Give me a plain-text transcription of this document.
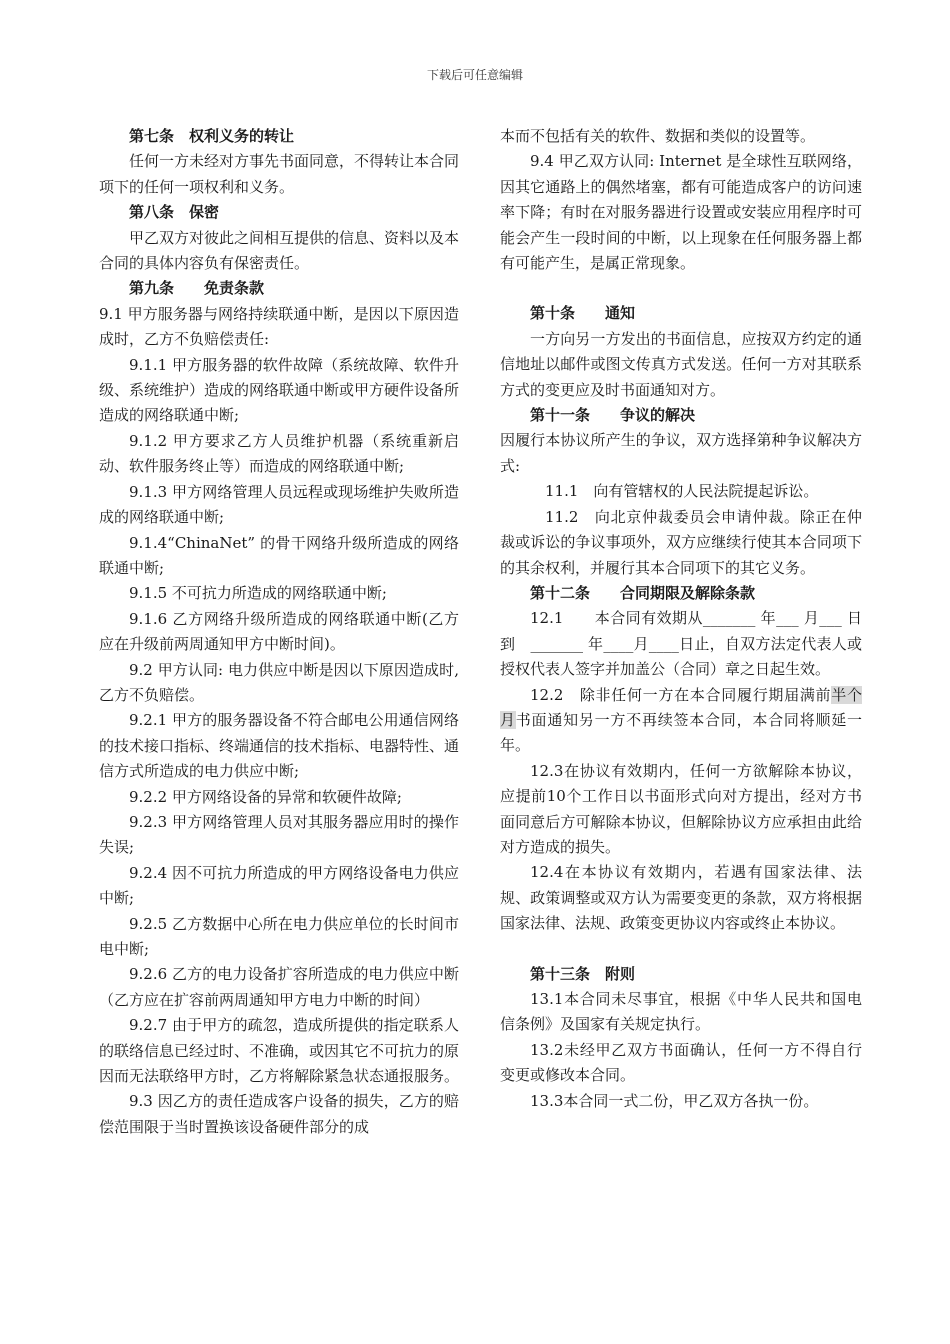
下载后可任意编辑
第七条　权利义务的转让

任何一方未经对方事先书面同意，不得转让本合同项下的任何一项权利和义务。

第八条　保密

甲乙双方对彼此之间相互提供的信息、资料以及本合同的具体内容负有保密责任。

第九条　　免责条款

9.1 甲方服务器与网络持续联通中断，是因以下原因造成时，乙方不负赔偿责任:

9.1.1 甲方服务器的软件故障（系统故障、软件升级、系统维护）造成的网络联通中断或甲方硬件设备所造成的网络联通中断;

9.1.2 甲方要求乙方人员维护机器（系统重新启动、软件服务终止等）而造成的网络联通中断;

9.1.3 甲方网络管理人员远程或现场维护失败所造成的网络联通中断;

9.1.4“ChinaNet” 的骨干网络升级所造成的网络联通中断;

9.1.5 不可抗力所造成的网络联通中断;

9.1.6 乙方网络升级所造成的网络联通中断(乙方应在升级前两周通知甲方中断时间)。

9.2 甲方认同: 电力供应中断是因以下原因造成时, 乙方不负赔偿。

9.2.1 甲方的服务器设备不符合邮电公用通信网络的技术接口指标、终端通信的技术指标、电器特性、通信方式所造成的电力供应中断;

9.2.2 甲方网络设备的异常和软硬件故障;

9.2.3 甲方网络管理人员对其服务器应用时的操作失误;

9.2.4 因不可抗力所造成的甲方网络设备电力供应中断;

9.2.5 乙方数据中心所在电力供应单位的长时间市电中断;

9.2.6 乙方的电力设备扩容所造成的电力供应中断（乙方应在扩容前两周通知甲方电力中断的时间）

9.2.7 由于甲方的疏忽，造成所提供的指定联系人的联络信息已经过时、不准确，或因其它不可抗力的原因而无法联络甲方时，乙方将解除紧急状态通报服务。

9.3 因乙方的责任造成客户设备的损失，乙方的赔偿范围限于当时置换该设备硬件部分的成

本而不包括有关的软件、数据和类似的设置等。

9.4 甲乙双方认同: Internet 是全球性互联网络，因其它通路上的偶然堵塞，都有可能造成客户的访问速率下降；有时在对服务器进行设置或安装应用程序时可能会产生一段时间的中断，以上现象在任何服务器上都有可能产生，是属正常现象。

第十条　　通知

一方向另一方发出的书面信息，应按双方约定的通信地址以邮件或图文传真方式发送。任何一方对其联系方式的变更应及时书面通知对方。

第十一条　　争议的解决

因履行本协议所产生的争议，双方选择第种争议解决方式:

11.1　向有管辖权的人民法院提起诉讼。

11.2　向北京仲裁委员会申请仲裁。除正在仲裁或诉讼的争议事项外，双方应继续行使其本合同项下的其余权利，并履行其本合同项下的其它义务。

第十二条　　合同期限及解除条款

12.1　　本合同有效期从_______ 年___ 月___ 日到　_______ 年____月____日止，自双方法定代表人或授权代表人签字并加盖公（合同）章之日起生效。

12.2　除非任何一方在本合同履行期届满前半个月书面通知另一方不再续签本合同，本合同将顺延一年。

12.3在协议有效期内，任何一方欲解除本协议，应提前10个工作日以书面形式向对方提出，经对方书面同意后方可解除本协议，但解除协议方应承担由此给对方造成的损失。

12.4在本协议有效期内，若遇有国家法律、法规、政策调整或双方认为需要变更的条款，双方将根据国家法律、法规、政策变更协议内容或终止本协议。

第十三条　附则

13.1本合同未尽事宜，根据《中华人民共和国电信条例》及国家有关规定执行。

13.2未经甲乙双方书面确认，任何一方不得自行变更或修改本合同。

13.3本合同一式二份，甲乙双方各执一份。
